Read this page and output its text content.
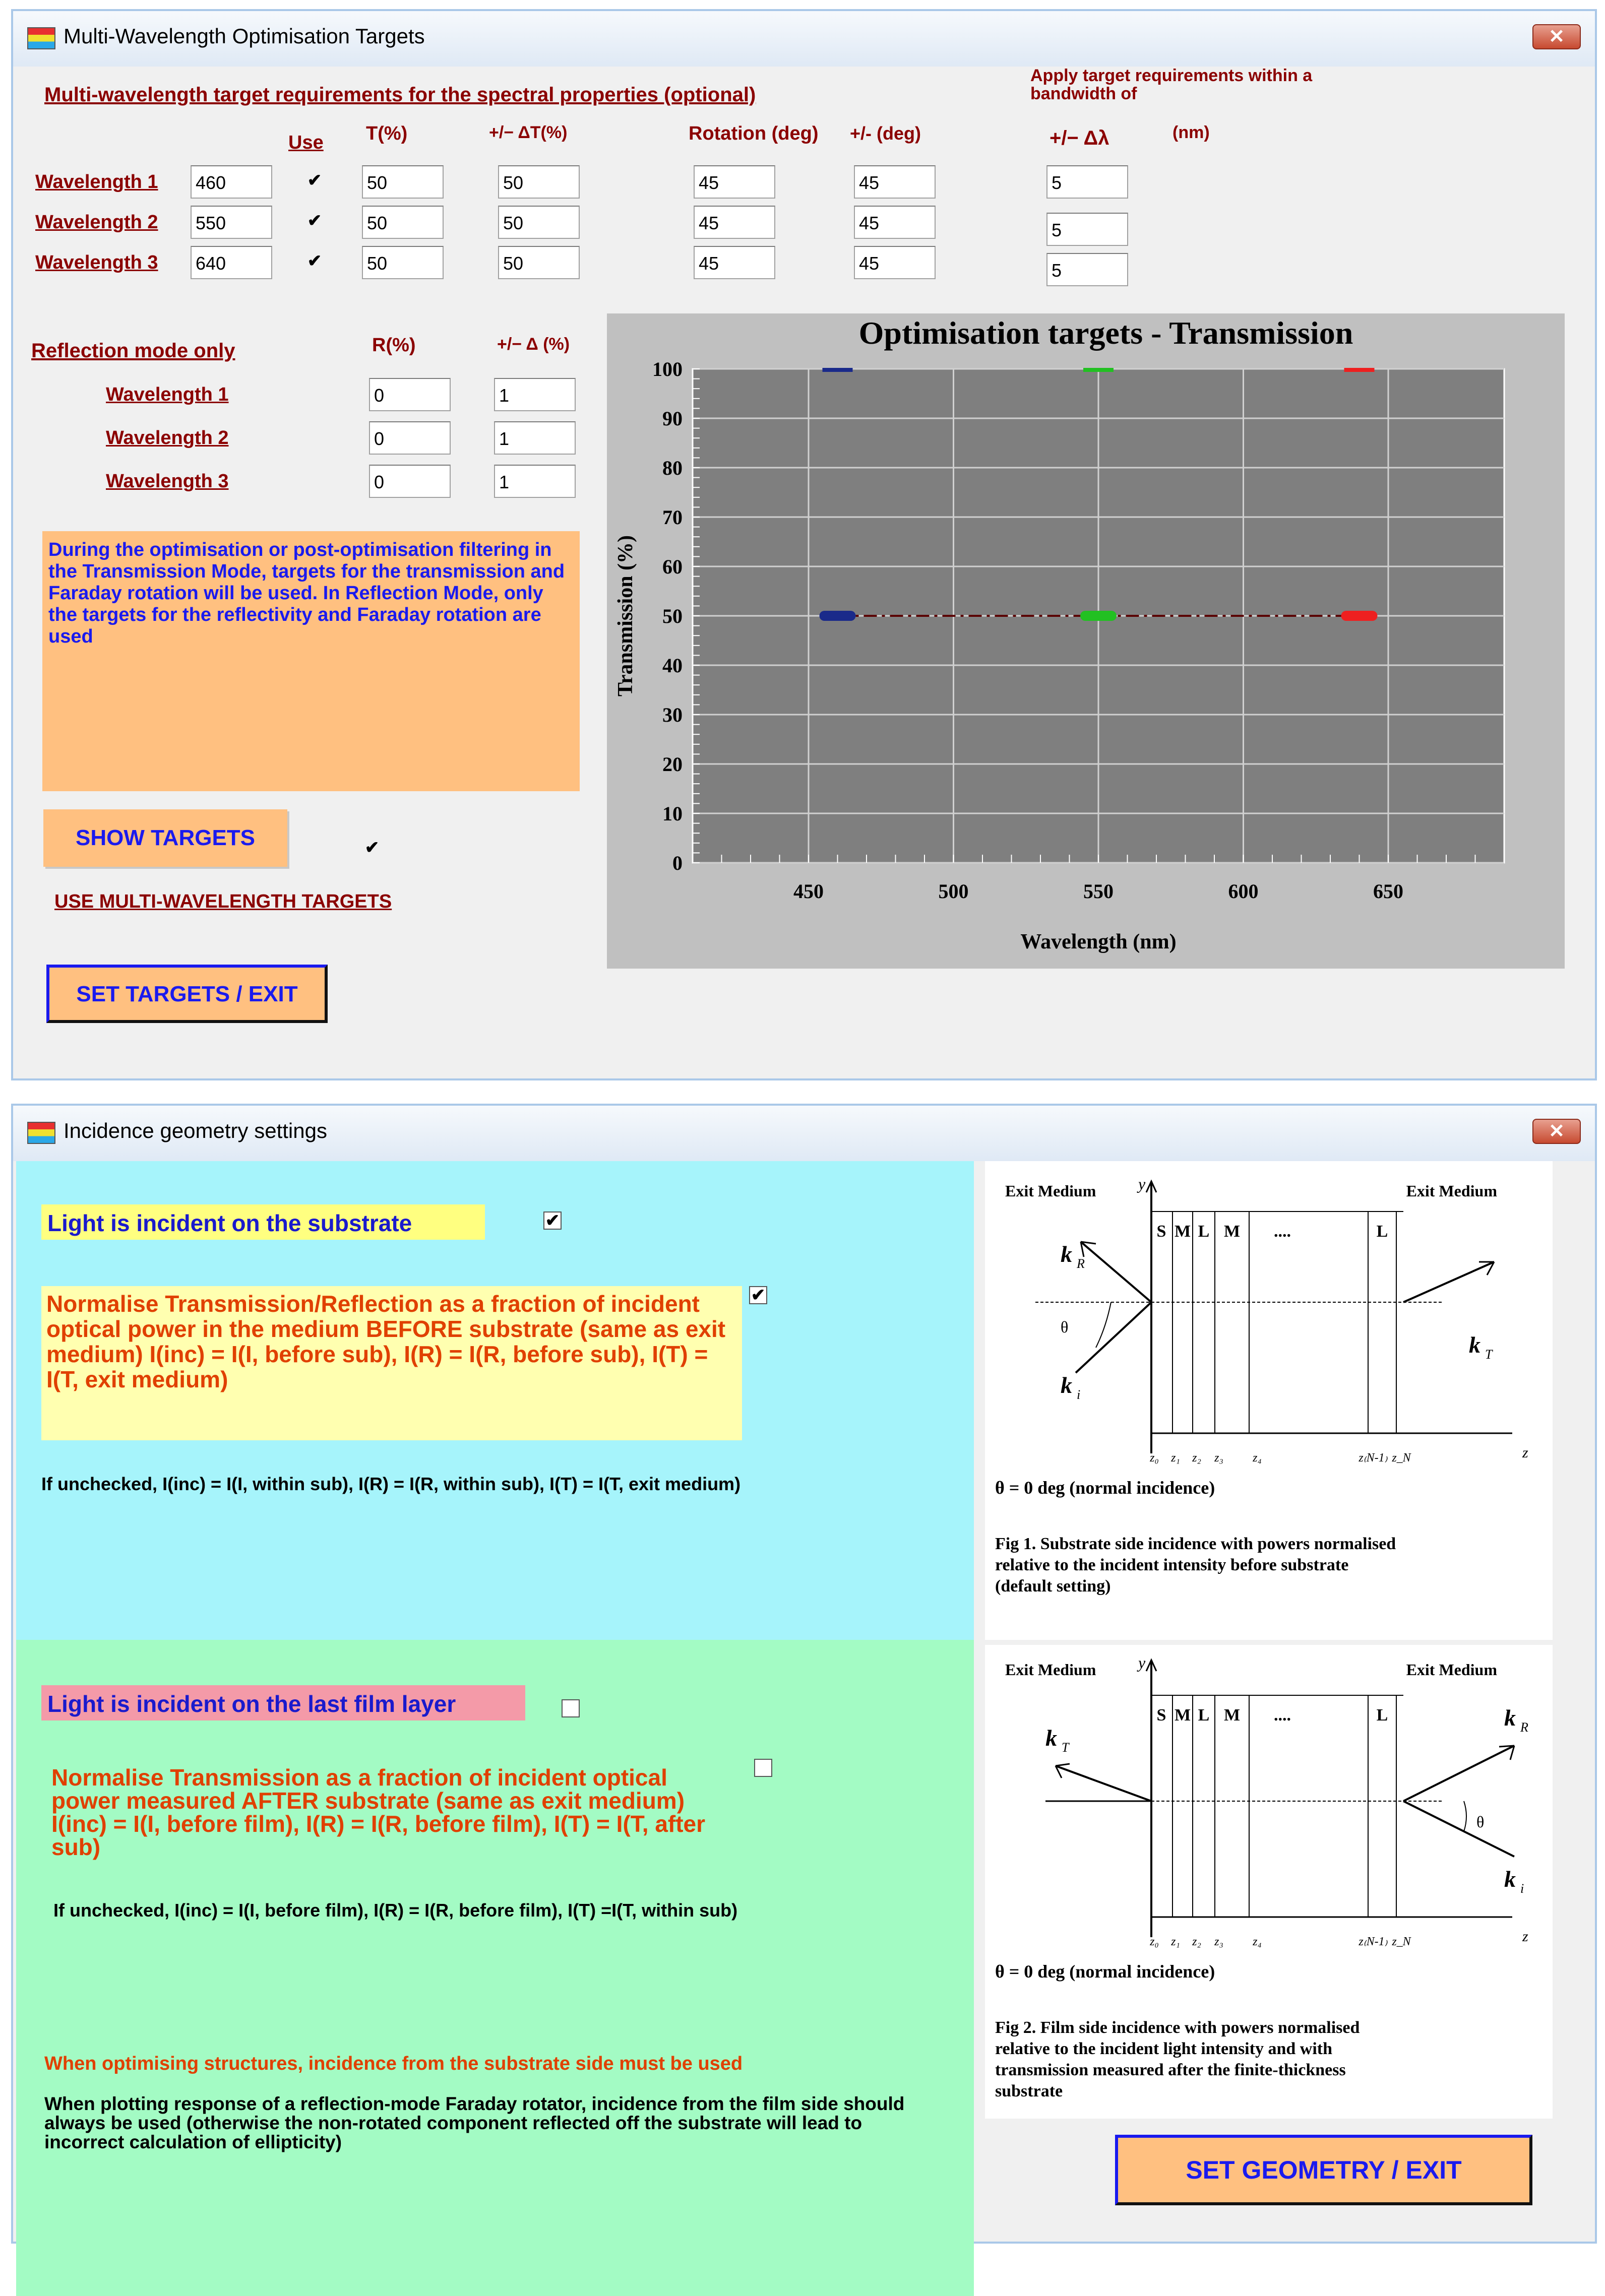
Multi-Wavelength Optimisation Targets	✕
Multi-wavelength target requirements for the spectral properties (optional)
Apply target requirements within a bandwidth of
Use T(%)	+/− ΔT(%)	Rotation (deg) +/- (deg)	+/− Δλ	(nm)
Wavelength 1 460	✔ 50	50	45	45	5
Wavelength 2 550	✔ 50	50	45	45	5
Wavelength 3 640	✔ 50	50	45	45	5
Reflection mode only	R(%)	+/− Δ (%)
Wavelength 1	0	1
Wavelength 2	0	1
Wavelength 3	0	1
During the optimisation or post-optimisation filtering in the Transmission Mode, targets for the transmission and Faraday rotation will be used. In Reflection Mode, only the targets for the reflectivity and Faraday rotation are used
SHOW TARGETS	✔
USE MULTI-WAVELENGTH TARGETS
SET TARGETS / EXIT
450	500	550	600	650
0
10
20
30
40
50
60
70
80
90
100
Optimisation targets - Transmission
Wavelength (nm)
Transmission (%)
Incidence geometry settings	✕
Light is incident on the substrate	✔
Normalise Transmission/Reflection as a fraction of incident optical power in the medium BEFORE substrate (same as exit medium) I(inc) = I(I, before sub), I(R) = I(R, before sub), I(T) = I(T, exit medium)
✔
If unchecked, I(inc) = I(I, within sub), I(R) = I(R, within sub), I(T) = I(T, exit medium)
Light is incident on the last film layer
Normalise Transmission as a fraction of incident optical power measured AFTER substrate (same as exit medium) I(inc) = I(I, before film), I(R) = I(R, before film), I(T) = I(T, after sub)
If unchecked, I(inc) = I(I, before film), I(R) = I(R, before film), I(T) =I(T, within sub)
When optimising structures, incidence from the substrate side must be used
When plotting response of a reflection-mode Faraday rotator, incidence from the film side should always be used (otherwise the non-rotated component reflected off the substrate will lead to incorrect calculation of ellipticity)
Exit Medium	Exit Medium
y
z
S M L M ....	L
z₀ z₁ z₂ z₃ z₄	z₍N-1₎ z_N
θ
k R
k T
k i
θ = 0 deg (normal incidence)
Fig 1. Substrate side incidence with powers normalised relative to the incident intensity before substrate (default setting)
Exit Medium	Exit Medium
y
z
S M L M ....	L
z₀ z₁ z₂ z₃ z₄	z₍N-1₎ z_N
θ
k T
k R
k i
θ = 0 deg (normal incidence)
Fig 2. Film side incidence with powers normalised relative to the incident light intensity and with transmission measured after the finite-thickness substrate
SET GEOMETRY / EXIT
